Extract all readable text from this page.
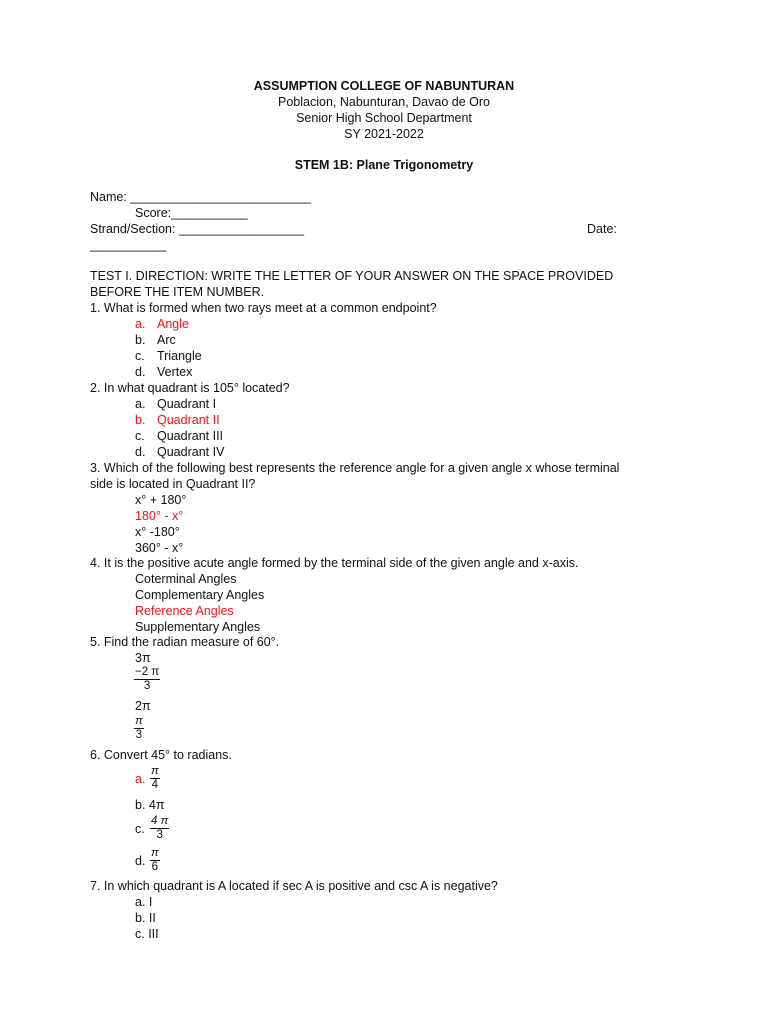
ASSUMPTION COLLEGE OF NABUNTURAN
Poblacion, Nabunturan, Davao de Oro
Senior High School Department
SY 2021-2022
STEM 1B: Plane Trigonometry
Name: __________________________
Score:___________
Strand/Section: __________________	Date:
___________
TEST I. DIRECTION: WRITE THE LETTER OF YOUR ANSWER ON THE SPACE PROVIDED
BEFORE THE ITEM NUMBER.
1. What is formed when two rays meet at a common endpoint?
a. Angle
b. Arc
c. Triangle
d. Vertex
2. In what quadrant is 105° located?
a. Quadrant I
b. Quadrant II
c. Quadrant III
d. Quadrant IV
3. Which of the following best represents the reference angle for a given angle x whose terminal
side is located in Quadrant II?
x° + 180°
180° - x°
x° -180°
360° - x°
4. It is the positive acute angle formed by the terminal side of the given angle and x-axis.
Coterminal Angles
Complementary Angles
Reference Angles
Supplementary Angles
5. Find the radian measure of 60°.
3π
$\frac{-2 \pi}{3}$
2π
$\frac{\pi}{3}$
6. Convert 45° to radians.
a. $\frac{\pi}{4}$
b. 4π
c. $\frac{4 \pi}{3}$
d. $\frac{\pi}{6}$
7. In which quadrant is A located if sec A is positive and csc A is negative?
a. I
b. II
c. III
